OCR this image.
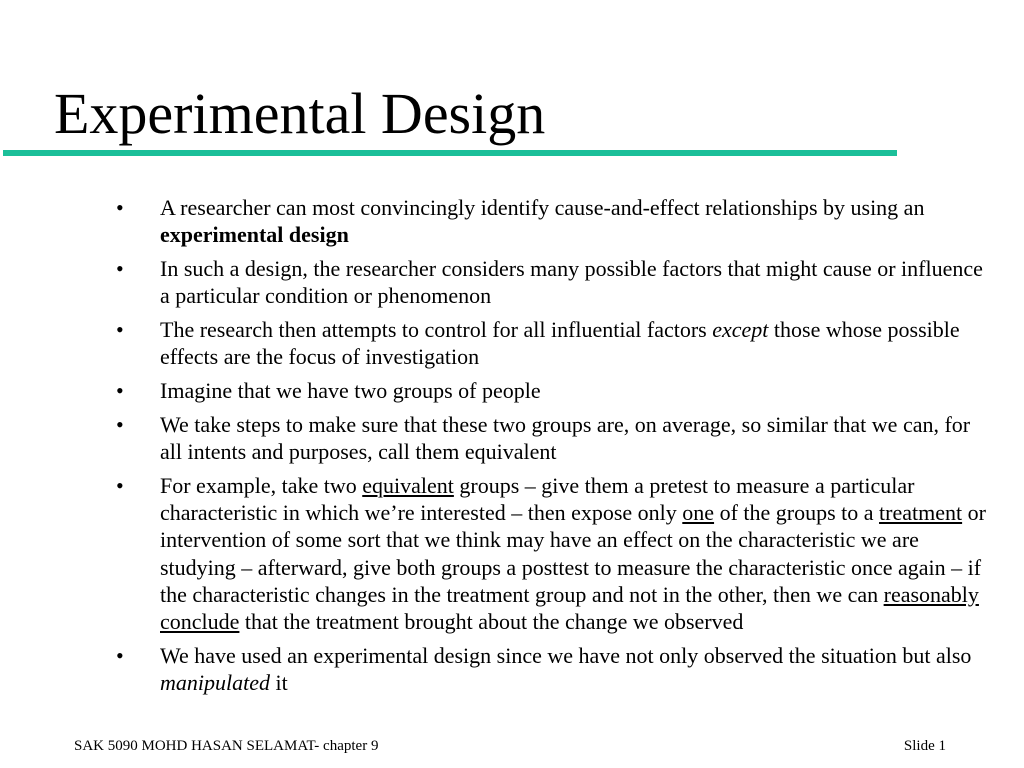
Experimental Design
• A researcher can most convincingly identify cause-and-effect relationships by using an experimental design
• In such a design, the researcher considers many possible factors that might cause or influence a particular condition or phenomenon
• The research then attempts to control for all influential factors except those whose possible effects are the focus of investigation
• Imagine that we have two groups of people
• We take steps to make sure that these two groups are, on average, so similar that we can, for all intents and purposes, call them equivalent
• For example, take two equivalent groups – give them a pretest to measure a particular characteristic in which we’re interested – then expose only one of the groups to a treatment or intervention of some sort that we think may have an effect on the characteristic we are studying – afterward, give both groups a posttest to measure the characteristic once again – if the characteristic changes in the treatment group and not in the other, then we can reasonably conclude that the treatment brought about the change we observed
• We have used an experimental design since we have not only observed the situation but also manipulated it
SAK 5090 MOHD HASAN SELAMAT- chapter 9	Slide 1
